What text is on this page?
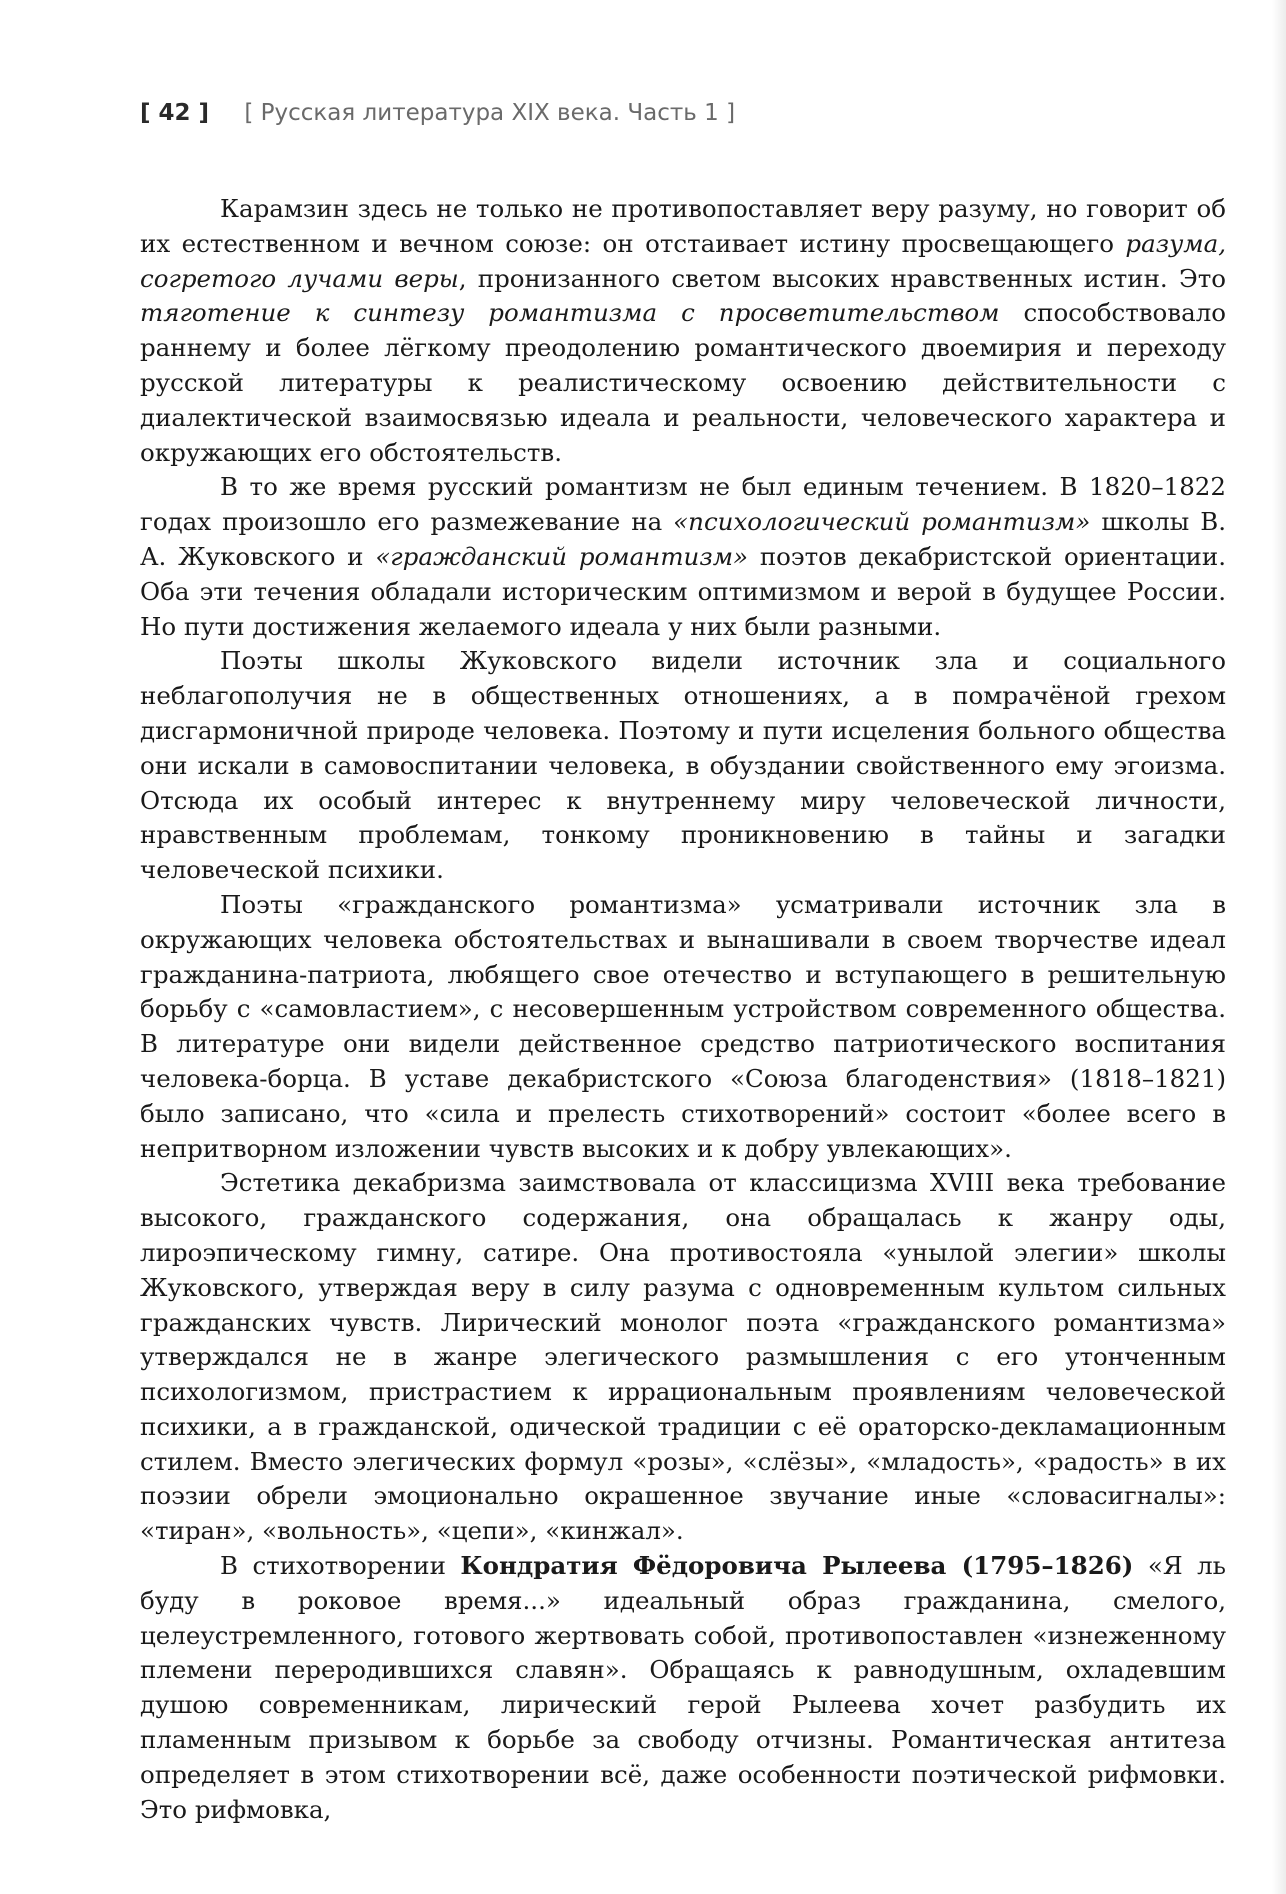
[ 42 ] [ Русская литература XIX века. Часть 1 ]

Карамзин здесь не только не противопоставляет веру разуму, но говорит об их естественном и вечном союзе: он отстаивает истину просвещающего разума, согретого лучами веры, пронизанного светом высоких нравственных истин. Это тяготение к синтезу романтизма с просветительством способствовало раннему и более лёгкому преодолению романтического двоемирия и переходу русской литературы к реалистическому освоению действительности с диалектической взаимосвязью идеала и реальности, человеческого характера и окружающих его обстоятельств.

В то же время русский романтизм не был единым течением. В 1820–1822 годах произошло его размежевание на «психологический романтизм» школы В. А. Жуковского и «гражданский романтизм» поэтов декабристской ориентации. Оба эти течения обладали историческим оптимизмом и верой в будущее России. Но пути достижения желаемого идеала у них были разными.

Поэты школы Жуковского видели источник зла и социального неблагополучия не в общественных отношениях, а в помрачёной грехом дисгармоничной природе человека. Поэтому и пути исцеления больного общества они искали в самовоспитании человека, в обуздании свойственного ему эгоизма. Отсюда их особый интерес к внутреннему миру человеческой личности, нравственным проблемам, тонкому проникновению в тайны и загадки человеческой психики.

Поэты «гражданского романтизма» усматривали источник зла в окружающих человека обстоятельствах и вынашивали в своем творчестве идеал гражданина-патриота, любящего свое отечество и вступающего в решительную борьбу с «самовластием», с несовершенным устройством современного общества. В литературе они видели действенное средство патриотического воспитания человека-борца. В уставе декабристского «Союза благоденствия» (1818–1821) было записано, что «сила и прелесть стихотворений» состоит «более всего в непритворном изложении чувств высоких и к добру увлекающих».

Эстетика декабризма заимствовала от классицизма XVIII века требование высокого, гражданского содержания, она обращалась к жанру оды, лироэпическому гимну, сатире. Она противостояла «унылой элегии» школы Жуковского, утверждая веру в силу разума с одновременным культом сильных гражданских чувств. Лирический монолог поэта «гражданского романтизма» утверждался не в жанре элегического размышления с его утонченным психологизмом, пристрастием к иррациональным проявлениям человеческой психики, а в гражданской, одической традиции с её ораторско-декламационным стилем. Вместо элегических формул «розы», «слёзы», «младость», «радость» в их поэзии обрели эмоционально окрашенное звучание иные «словасигналы»: «тиран», «вольность», «цепи», «кинжал».

В стихотворении Кондратия Фёдоровича Рылеева (1795–1826) «Я ль буду в роковое время...» идеальный образ гражданина, смелого, целеустремленного, готового жертвовать собой, противопоставлен «изнеженному племени переродившихся славян». Обращаясь к равнодушным, охладевшим душою современникам, лирический герой Рылеева хочет разбудить их пламенным призывом к борьбе за свободу отчизны. Романтическая антитеза определяет в этом стихотворении всё, даже особенности поэтической рифмовки. Это рифмовка,
